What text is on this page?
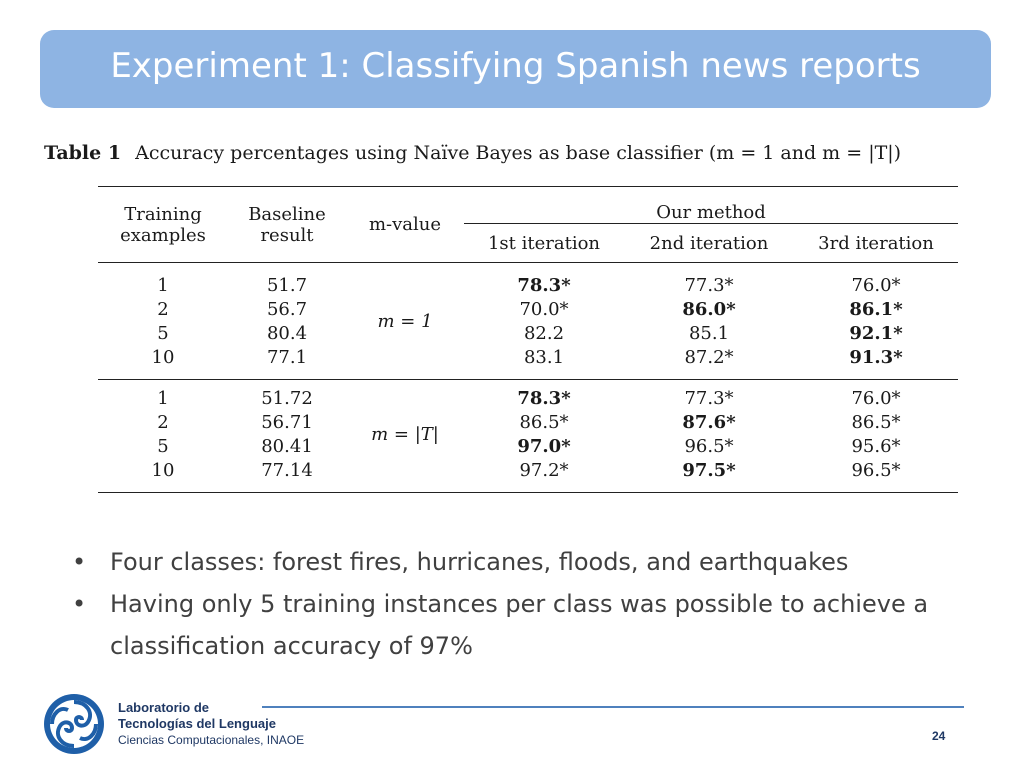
Experiment 1: Classifying Spanish news reports
Table 1 Accuracy percentages using Naïve Bayes as base classifier (m = 1 and m = |T|)
Training examples	Baseline result	m-value	Our method		
			1st iteration	2nd iteration	3rd iteration

1	51.7	m = 1	78.3*	77.3*	76.0*
2	56.7		70.0*	86.0*	86.1*
5	80.4		82.2	85.1	92.1*
10	77.1		83.1	87.2*	91.3*

1	51.72	m = |T|	78.3*	77.3*	76.0*
2	56.71		86.5*	87.6*	86.5*
5	80.41		97.0*	96.5*	95.6*
10	77.14		97.2*	97.5*	96.5*

• Four classes: forest fires, hurricanes, floods, and earthquakes
• Having only 5 training instances per class was possible to achieve a classification accuracy of 97%
Laboratorio de
Tecnologías del Lenguaje
Ciencias Computacionales, INAOE	24
